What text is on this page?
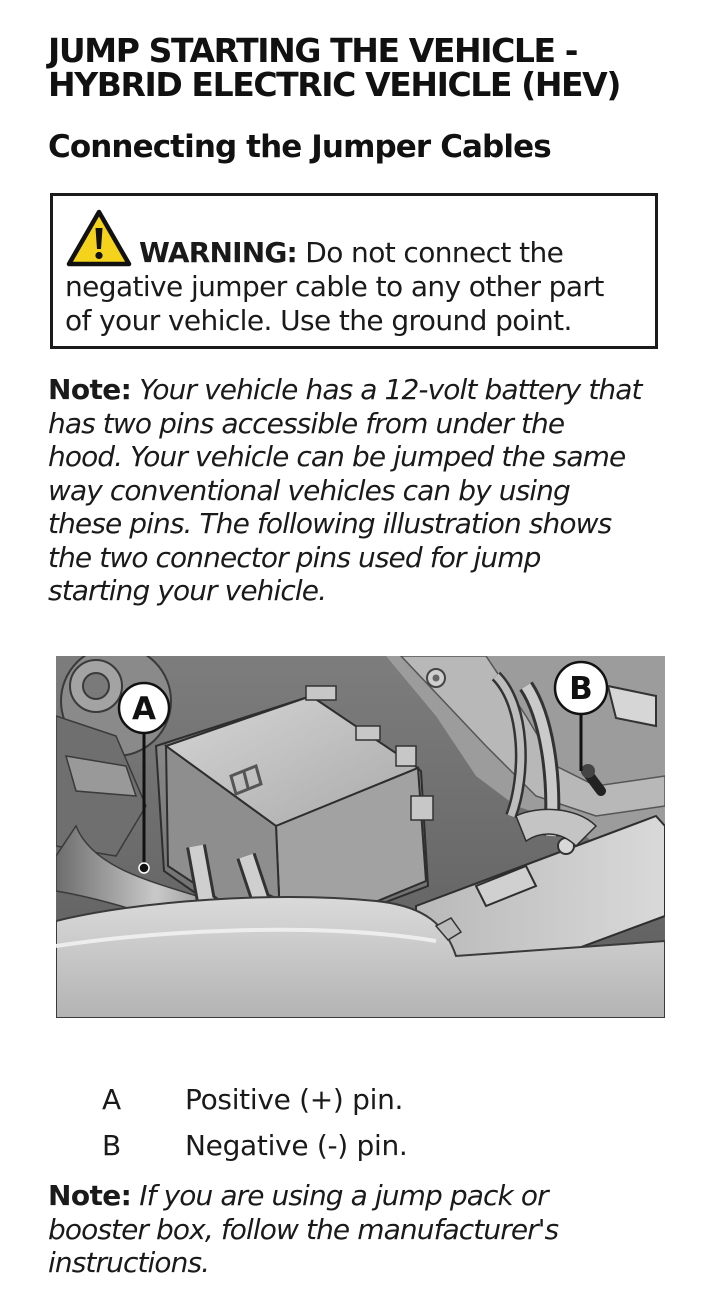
JUMP STARTING THE VEHICLE -
HYBRID ELECTRIC VEHICLE (HEV)
Connecting the Jumper Cables

WARNING: Do not connect the
negative jumper cable to any other part
of your vehicle. Use the ground point.

Note: Your vehicle has a 12-volt battery that
has two pins accessible from under the
hood. Your vehicle can be jumped the same
way conventional vehicles can by using
these pins. The following illustration shows
the two connector pins used for jump
starting your vehicle.

A
B
A Positive (+) pin.
B Negative (-) pin.

Note: If you are using a jump pack or
booster box, follow the manufacturer's
instructions.
